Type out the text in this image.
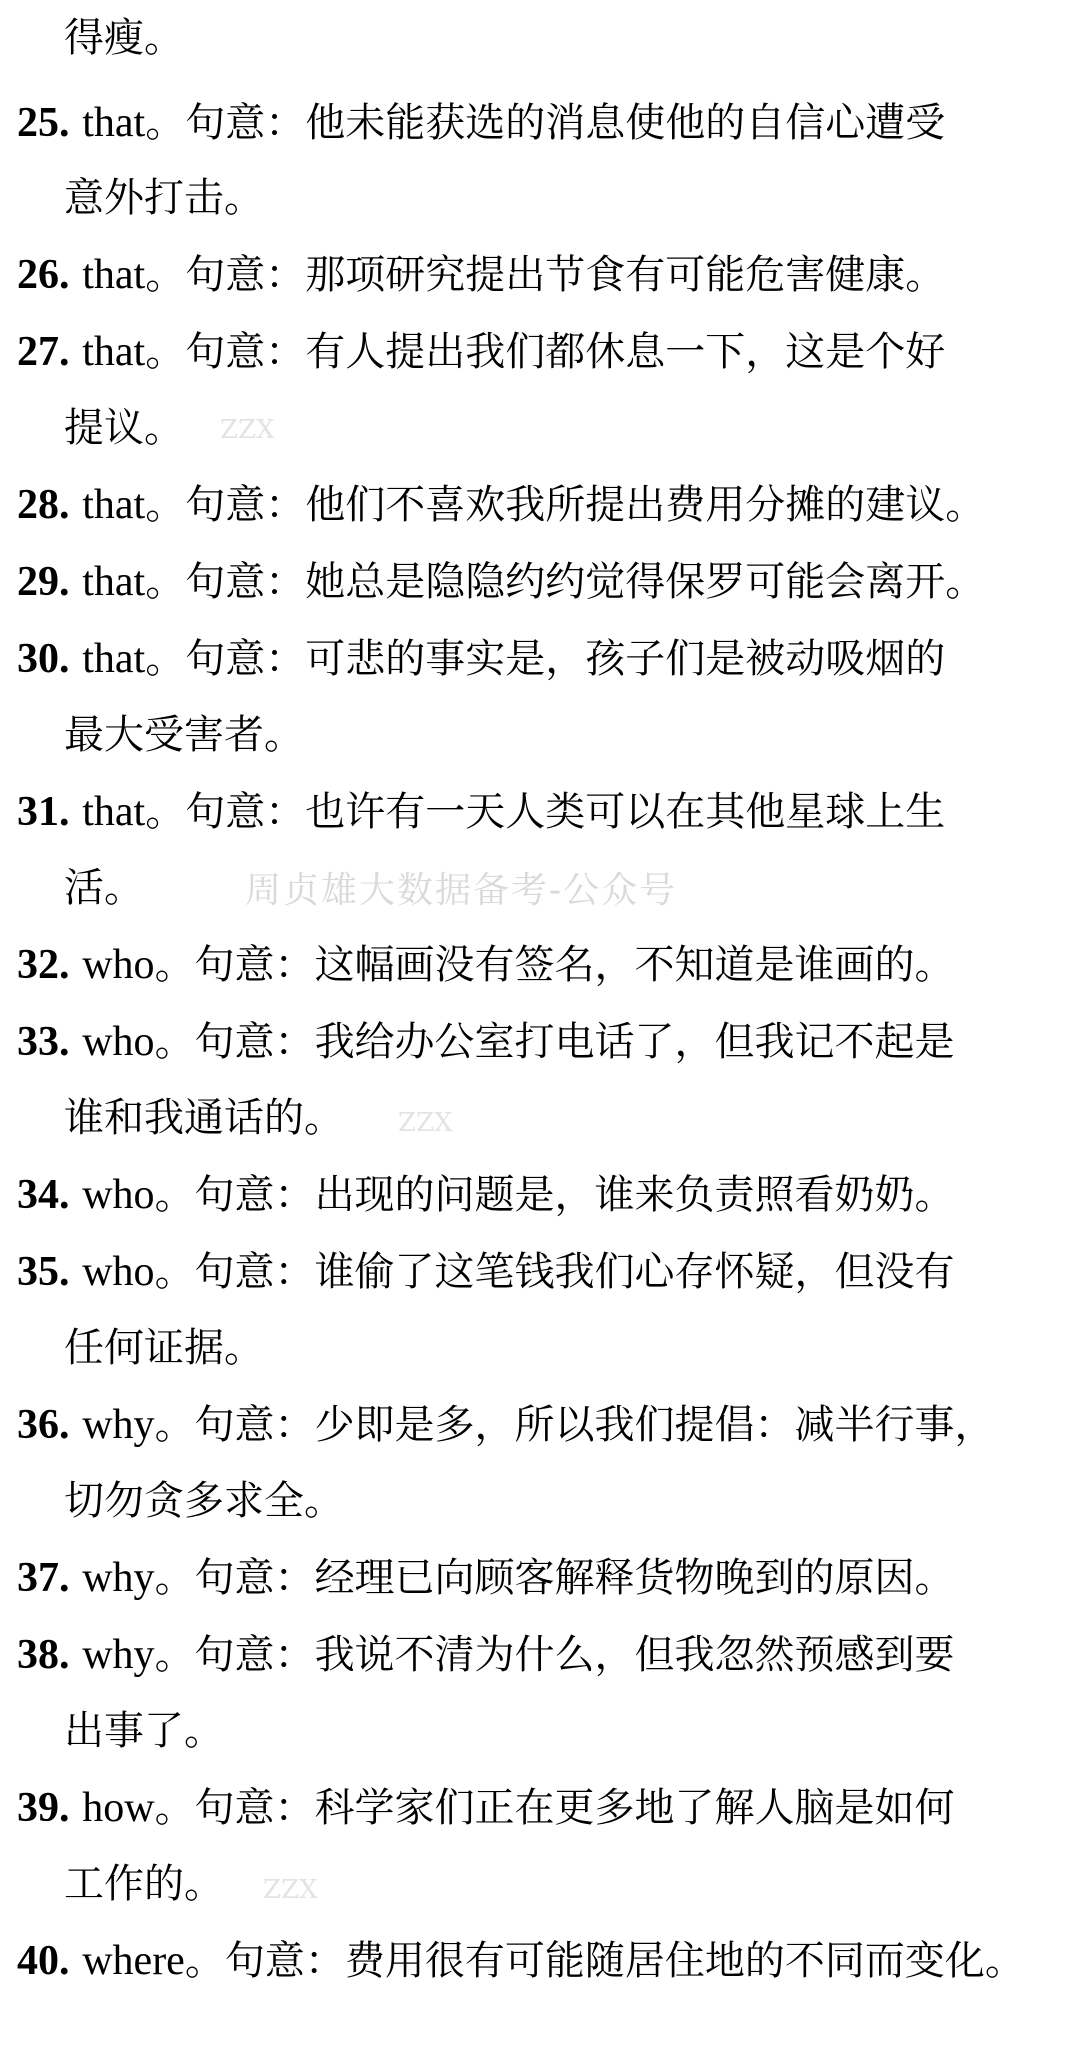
得瘦。
25. that。句意：他未能获选的消息使他的自信心遭受
意外打击。
26. that。句意：那项研究提出节食有可能危害健康。
27. that。句意：有人提出我们都休息一下，这是个好
提议。
28. that。句意：他们不喜欢我所提出费用分摊的建议。
29. that。句意：她总是隐隐约约觉得保罗可能会离开。
30. that。句意：可悲的事实是，孩子们是被动吸烟的
最大受害者。
31. that。句意：也许有一天人类可以在其他星球上生
活。
32. who。句意：这幅画没有签名，不知道是谁画的。
33. who。句意：我给办公室打电话了，但我记不起是
谁和我通话的。
34. who。句意：出现的问题是，谁来负责照看奶奶。
35. who。句意：谁偷了这笔钱我们心存怀疑，但没有
任何证据。
36. why。句意：少即是多，所以我们提倡：减半行事，
切勿贪多求全。
37. why。句意：经理已向顾客解释货物晚到的原因。
38. why。句意：我说不清为什么，但我忽然预感到要
出事了。
39. how。句意：科学家们正在更多地了解人脑是如何
工作的。
40. where。句意：费用很有可能随居住地的不同而变化。
周贞雄大数据备考-公众号
ZZX
ZZX
ZZX
